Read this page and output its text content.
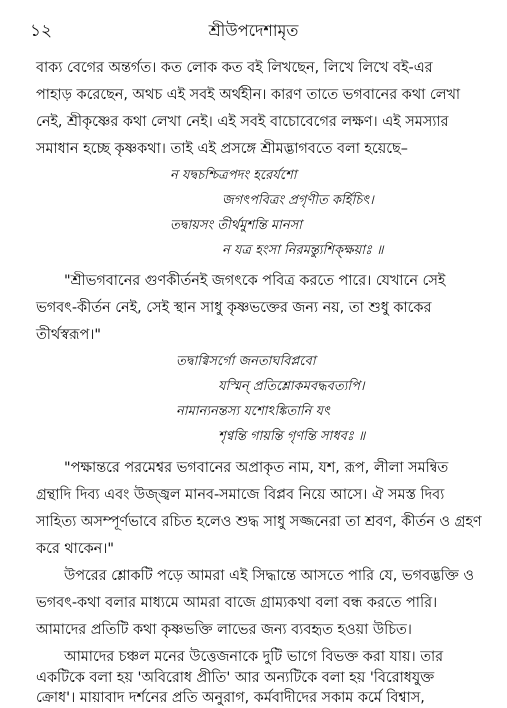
১২	শ্রীউপদেশামৃত
বাক্য বেগের অন্তর্গত। কত লোক কত বই লিখছেন, লিখে লিখে বই-এর
পাহাড় করেছেন, অথচ এই সবই অর্থহীন। কারণ তাতে ভগবানের কথা লেখা
নেই, শ্রীকৃষ্ণের কথা লেখা নেই। এই সবই বাচোবেগের লক্ষণ। এই সমস্যার
সমাধান হচ্ছে কৃষ্ণকথা। তাই এই প্রসঙ্গে শ্রীমদ্ভাগবতে বলা হয়েছে–
ন যদ্বচশ্চিত্রপদং হরের্যশো
জগৎপবিত্রং প্রগৃণীত কর্হিচিৎ।
তদ্বায়সং তীর্থমুশন্তি মানসা
ন যত্র হংসা নিরমন্ত্যুশিক্‌ক্ষয়াঃ ॥
"শ্রীভগবানের গুণকীর্তনই জগৎকে পবিত্র করতে পারে। যেখানে সেই
ভগবৎ-কীর্তন নেই, সেই স্থান সাধু কৃষ্ণভক্তের জন্য নয়, তা শুধু কাকের
তীর্থস্বরূপ।"
তদ্বাগ্বিসর্গো জনতাঘবিপ্লবো
যস্মিন্ প্রতিশ্লোকমবদ্ধবত্যপি।
নামান্যনন্তস্য যশোঽঙ্কিতানি যৎ
শৃণ্বন্তি গায়ন্তি গৃণন্তি সাধবঃ ॥
"পক্ষান্তরে পরমেশ্বর ভগবানের অপ্রাকৃত নাম, যশ, রূপ, লীলা সমন্বিত
গ্রন্থাদি দিব্য এবং উজ্জ্বল মানব-সমাজে বিপ্লব নিয়ে আসে। ঐ সমস্ত দিব্য
সাহিত্য অসম্পূর্ণভাবে রচিত হলেও শুদ্ধ সাধু সজ্জনেরা তা শ্রবণ, কীর্তন ও গ্রহণ
করে থাকেন।"
উপরের শ্লোকটি পড়ে আমরা এই সিদ্ধান্তে আসতে পারি যে, ভগবদ্ভক্তি ও
ভগবৎ-কথা বলার মাধ্যমে আমরা বাজে গ্রাম্যকথা বলা বন্ধ করতে পারি।
আমাদের প্রতিটি কথা কৃষ্ণভক্তি লাভের জন্য ব্যবহৃত হওয়া উচিত।
আমাদের চঞ্চল মনের উত্তেজনাকে দুটি ভাগে বিভক্ত করা যায়। তার
একটিকে বলা হয় 'অবিরোধ প্রীতি' আর অন্যটিকে বলা হয় 'বিরোধযুক্ত
ক্রোধ'। মায়াবাদ দর্শনের প্রতি অনুরাগ, কর্মবাদীদের সকাম কর্মে বিশ্বাস,
